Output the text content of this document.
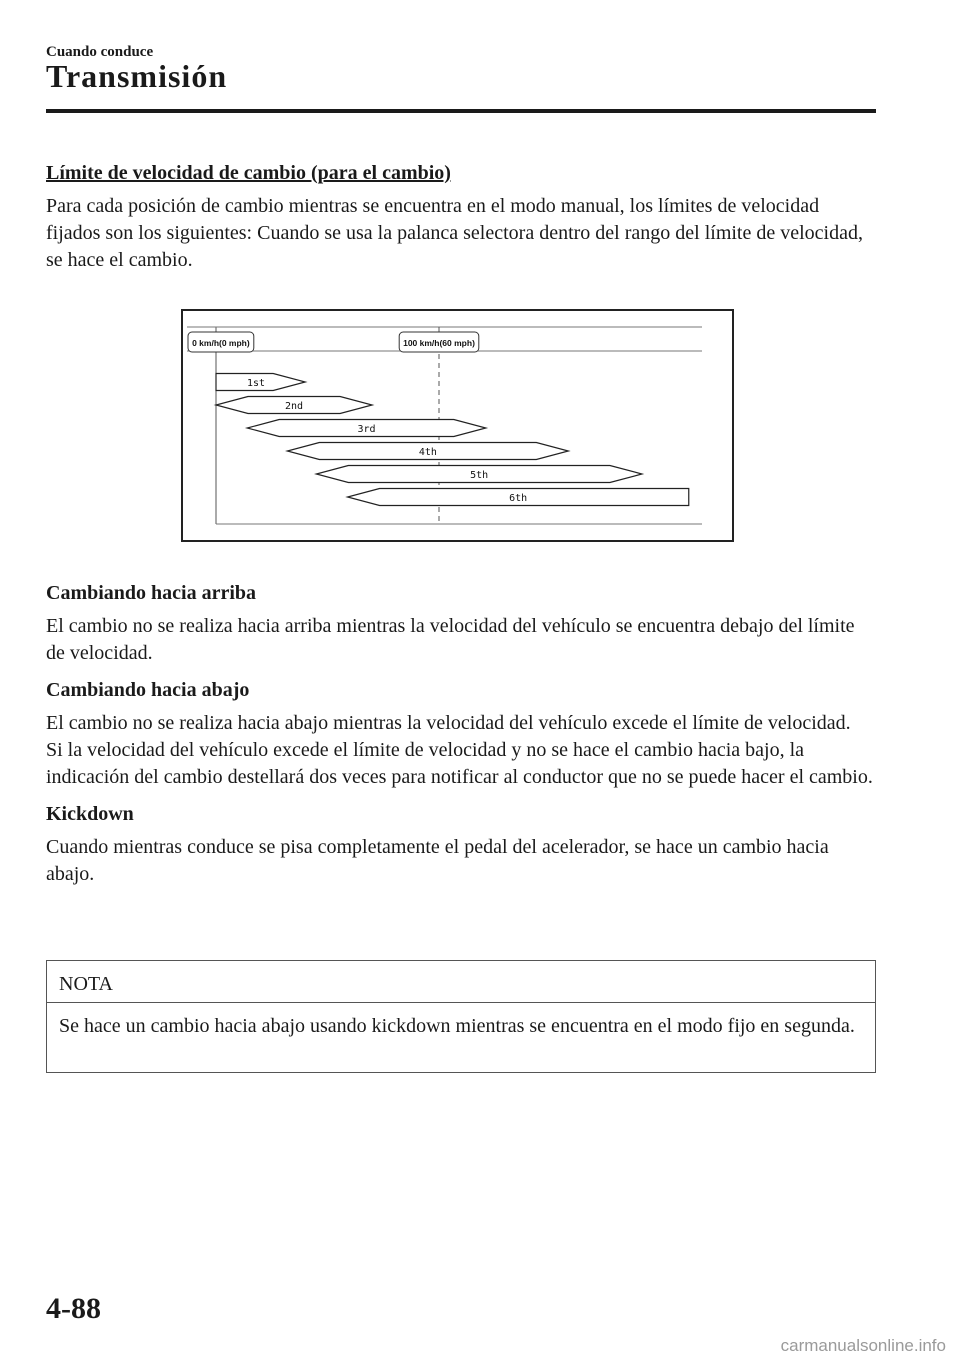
Cuando conduce
Transmisión

Límite de velocidad de cambio (para el cambio)

Para cada posición de cambio mientras se encuentra en el modo manual, los límites de velocidad fijados son los siguientes: Cuando se usa la palanca selectora dentro del rango del límite de velocidad, se hace el cambio.

0 km/h(0 mph)	100 km/h(60 mph)
1st
2nd
3rd
4th
5th
6th

Cambiando hacia arriba

El cambio no se realiza hacia arriba mientras la velocidad del vehículo se encuentra debajo del límite de velocidad.

Cambiando hacia abajo

El cambio no se realiza hacia abajo mientras la velocidad del vehículo excede el límite de velocidad.

Si la velocidad del vehículo excede el límite de velocidad y no se hace el cambio hacia bajo, la indicación del cambio destellará dos veces para notificar al conductor que no se puede hacer el cambio.

Kickdown

Cuando mientras conduce se pisa completamente el pedal del acelerador, se hace un cambio hacia abajo.

NOTA
Se hace un cambio hacia abajo usando kickdown mientras se encuentra en el modo fijo en segunda.
4-88
carmanualsonline.info
